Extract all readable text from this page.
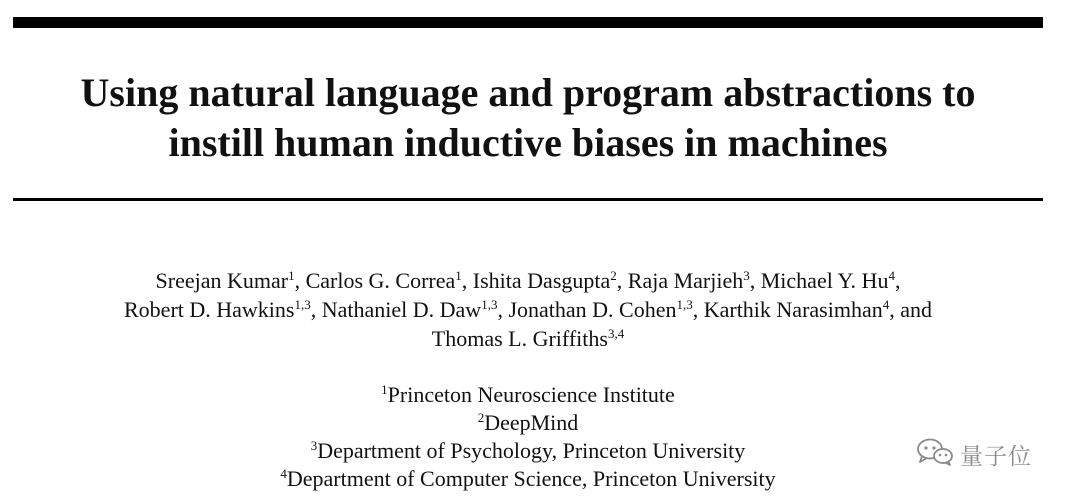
Using natural language and program abstractions to
instill human inductive biases in machines
Sreejan Kumar$^1$, Carlos G. Correa$^1$, Ishita Dasgupta$^2$, Raja Marjieh$^3$, Michael Y. Hu$^4$,
Robert D. Hawkins$^{1,3}$, Nathaniel D. Daw$^{1,3}$, Jonathan D. Cohen$^{1,3}$, Karthik Narasimhan$^4$, and
Thomas L. Griffiths$^{3,4}$
$^1$Princeton Neuroscience Institute
$^2$DeepMind
$^3$Department of Psychology, Princeton University
$^4$Department of Computer Science, Princeton University
量子位
